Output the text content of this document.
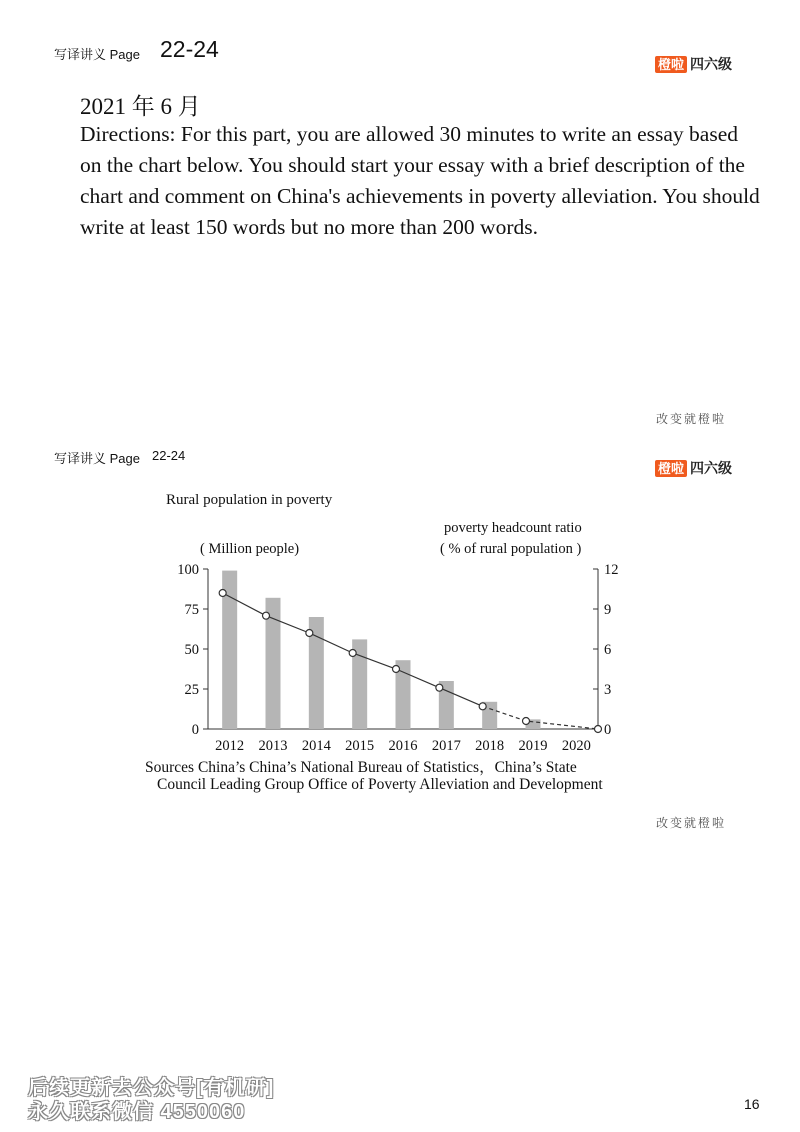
写译讲义 Page 22-24
橙啦 四六级
2021 年 6 月
Directions: For this part, you are allowed 30 minutes to write an essay based on the chart below. You should start your essay with a brief description of the chart and comment on China's achievements in poverty alleviation. You should write at least 150 words but no more than 200 words.
改变就橙啦
写译讲义 Page 22-24
橙啦 四六级
Rural population in poverty
( Million people)
poverty headcount ratio
( % of rural population )
0
25
50
75
100
0
3
6
9
12
2012 2013 2014 2015 2016 2017 2018 2019 2020
Sources China’s China’s National Bureau of Statistics，China’s State
Council Leading Group Office of Poverty Alleviation and Development
改变就橙啦
后续更新去公众号[有机研]
永久联系微信 4550060	16
